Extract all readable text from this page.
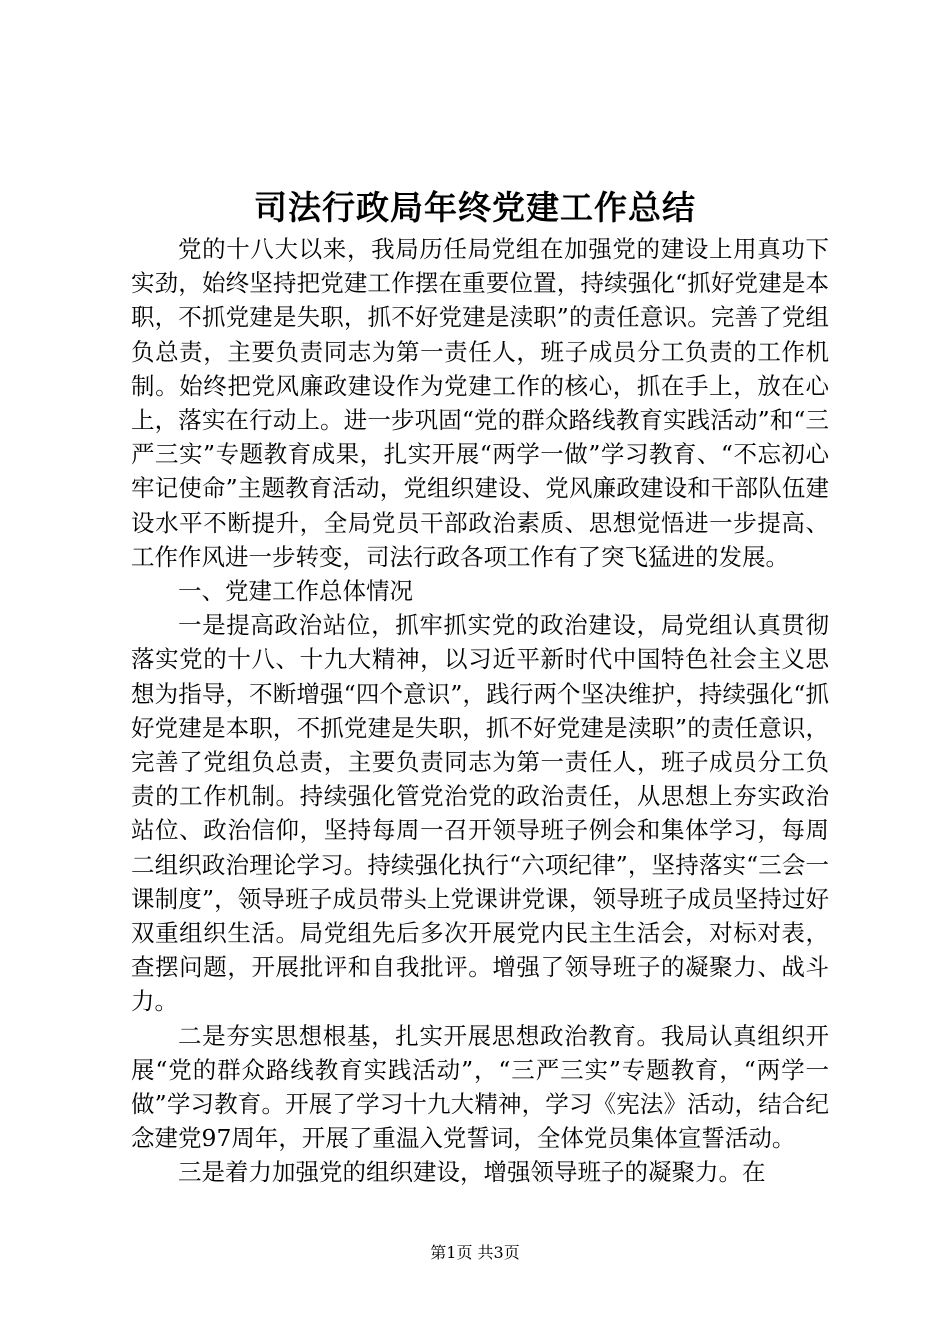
司法行政局年终党建工作总结

党的十八大以来，我局历任局党组在加强党的建设上用真功下实劲，始终坚持把党建工作摆在重要位置，持续强化“抓好党建是本职，不抓党建是失职，抓不好党建是渎职”的责任意识。完善了党组负总责，主要负责同志为第一责任人，班子成员分工负责的工作机制。始终把党风廉政建设作为党建工作的核心，抓在手上，放在心上，落实在行动上。进一步巩固“党的群众路线教育实践活动”和“三严三实”专题教育成果，扎实开展“两学一做”学习教育、“不忘初心牢记使命”主题教育活动，党组织建设、党风廉政建设和干部队伍建设水平不断提升，全局党员干部政治素质、思想觉悟进一步提高、工作作风进一步转变，司法行政各项工作有了突飞猛进的发展。

一、党建工作总体情况

一是提高政治站位，抓牢抓实党的政治建设，局党组认真贯彻落实党的十八、十九大精神，以习近平新时代中国特色社会主义思想为指导，不断增强“四个意识”，践行两个坚决维护，持续强化“抓好党建是本职，不抓党建是失职，抓不好党建是渎职”的责任意识，完善了党组负总责，主要负责同志为第一责任人，班子成员分工负责的工作机制。持续强化管党治党的政治责任，从思想上夯实政治站位、政治信仰，坚持每周一召开领导班子例会和集体学习，每周二组织政治理论学习。持续强化执行“六项纪律”，坚持落实“三会一课制度”，领导班子成员带头上党课讲党课，领导班子成员坚持过好双重组织生活。局党组先后多次开展党内民主生活会，对标对表，查摆问题，开展批评和自我批评。增强了领导班子的凝聚力、战斗力。

二是夯实思想根基，扎实开展思想政治教育。我局认真组织开展“党的群众路线教育实践活动”，“三严三实”专题教育，“两学一做”学习教育。开展了学习十九大精神，学习《宪法》活动，结合纪念建党97周年，开展了重温入党誓词，全体党员集体宣誓活动。

三是着力加强党的组织建设，增强领导班子的凝聚力。在

第1页 共3页
